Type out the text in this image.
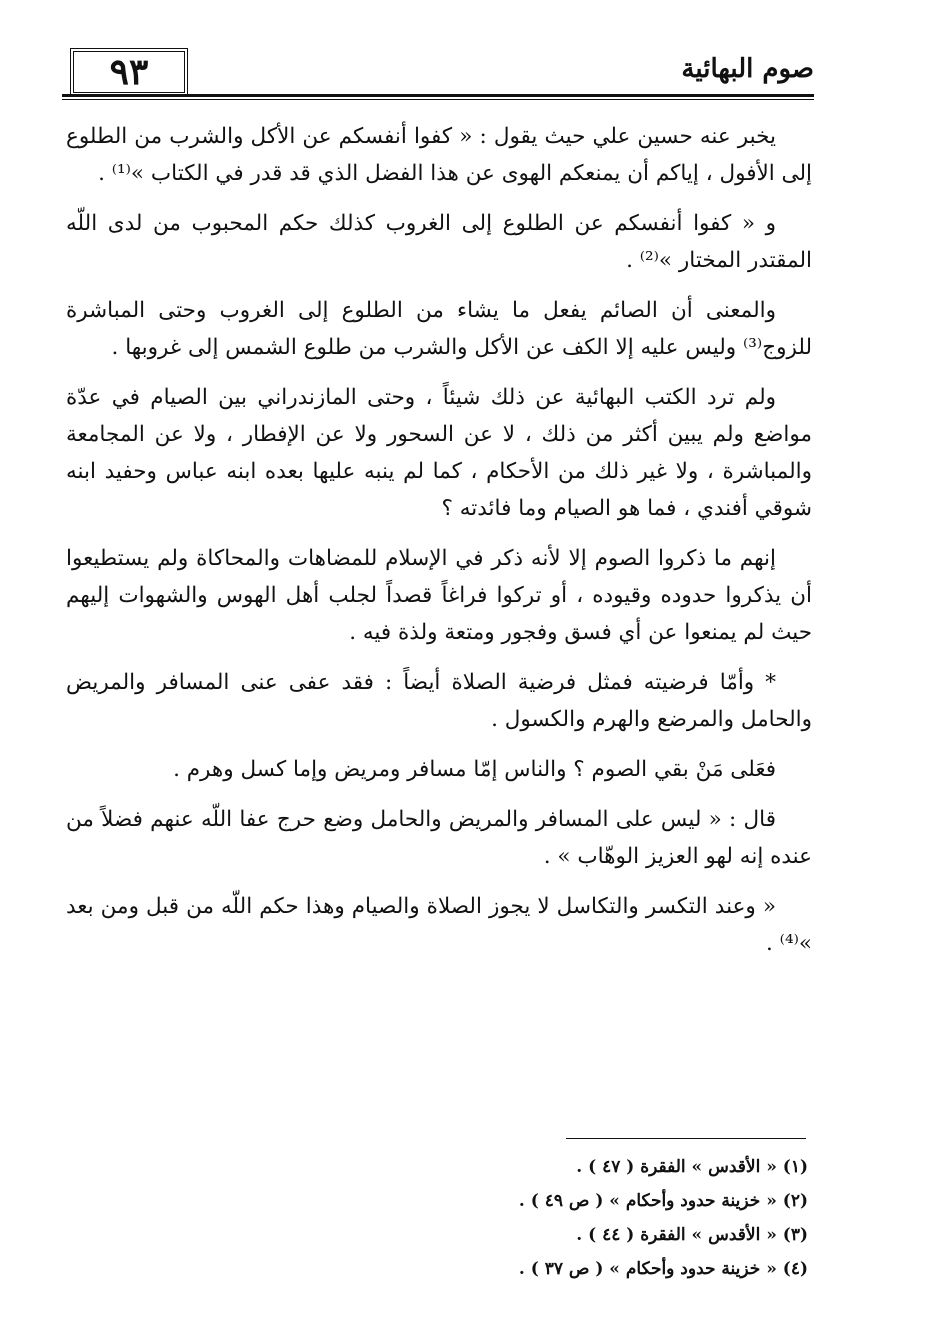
٩٣	صوم البهائية

يخبر عنه حسين علي حيث يقول : « كفوا أنفسكم عن الأكل والشرب من الطلوع إلى الأفول ، إياكم أن يمنعكم الهوى عن هذا الفضل الذي قد قدر في الكتاب »⁽¹⁾ .

و « كفوا أنفسكم عن الطلوع إلى الغروب كذلك حكم المحبوب من لدى اللّه المقتدر المختار »⁽²⁾ .

والمعنى أن الصائم يفعل ما يشاء من الطلوع إلى الغروب وحتى المباشرة للزوج⁽³⁾ وليس عليه إلا الكف عن الأكل والشرب من طلوع الشمس إلى غروبها .

ولم ترد الكتب البهائية عن ذلك شيئاً ، وحتى المازندراني بين الصيام في عدّة مواضع ولم يبين أكثر من ذلك ، لا عن السحور ولا عن الإفطار ، ولا عن المجامعة والمباشرة ، ولا غير ذلك من الأحكام ، كما لم ينبه عليها بعده ابنه عباس وحفيد ابنه شوقي أفندي ، فما هو الصيام وما فائدته ؟

إنهم ما ذكروا الصوم إلا لأنه ذكر في الإسلام للمضاهات والمحاكاة ولم يستطيعوا أن يذكروا حدوده وقيوده ، أو تركوا فراغاً قصداً لجلب أهل الهوس والشهوات إليهم حيث لم يمنعوا عن أي فسق وفجور ومتعة ولذة فيه .

* وأمّا فرضيته فمثل فرضية الصلاة أيضاً : فقد عفى عنى المسافر والمريض والحامل والمرضع والهرم والكسول .

فعَلى مَنْ بقي الصوم ؟ والناس إمّا مسافر ومريض وإما كسل وهرم .

قال : « ليس على المسافر والمريض والحامل وضع حرج عفا اللّه عنهم فضلاً من عنده إنه لهو العزيز الوهّاب » .

« وعند التكسر والتكاسل لا يجوز الصلاة والصيام وهذا حكم اللّه من قبل ومن بعد »⁽⁴⁾ .

(١) « الأقدس » الفقرة ( ٤٧ ) .
(٢) « خزينة حدود وأحكام » ( ص ٤٩ ) .
(٣) « الأقدس » الفقرة ( ٤٤ ) .
(٤) « خزينة حدود وأحكام » ( ص ٣٧ ) .
